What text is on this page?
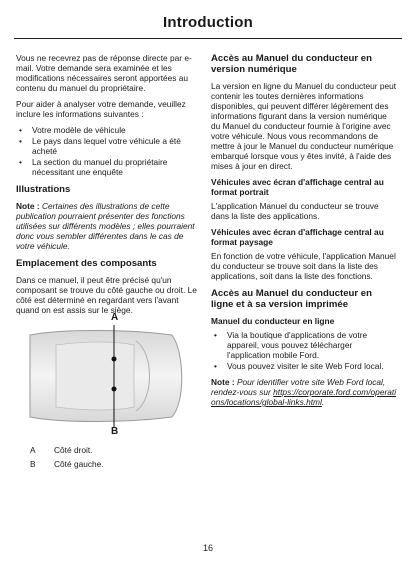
Introduction

Vous ne recevrez pas de réponse directe par e-mail. Votre demande sera examinée et les modifications nécessaires seront apportées au contenu du manuel du propriétaire.

Pour aider à analyser votre demande, veuillez inclure les informations suivantes :

• Votre modèle de véhicule
• Le pays dans lequel votre véhicule a été acheté
• La section du manuel du propriétaire nécessitant une enquête
Illustrations

Note : Certaines des illustrations de cette publication pourraient présenter des fonctions utilisées sur différents modèles ; elles pourraient donc vous sembler différentes dans le cas de votre véhicule.

Emplacement des composants

Dans ce manuel, il peut être précisé qu'un composant se trouve du côté gauche ou droit. Le côté est déterminé en regardant vers l'avant quand on est assis sur le siège.

A
B
A	Côté droit.
B	Côté gauche.
Accès au Manuel du conducteur en version numérique

La version en ligne du Manuel du conducteur peut contenir les toutes dernières informations disponibles, qui peuvent différer légèrement des informations figurant dans la version numérique du Manuel du conducteur fournie à l'origine avec votre véhicule. Nous vous recommandons de mettre à jour le Manuel du conducteur numérique embarqué lorsque vous y êtes invité, à l'aide des mises à jour en direct.

Véhicules avec écran d'affichage central au format portrait

L'application Manuel du conducteur se trouve dans la liste des applications.

Véhicules avec écran d'affichage central au format paysage

En fonction de votre véhicule, l'application Manuel du conducteur se trouve soit dans la liste des applications, soit dans la liste des fonctions.

Accès au Manuel du conducteur en ligne et à sa version imprimée
Manuel du conducteur en ligne
• Via la boutique d'applications de votre appareil, vous pouvez télécharger l'application mobile Ford.
• Vous pouvez visiter le site Web Ford local.

Note : Pour identifier votre site Web Ford local, rendez-vous sur https://corporate.ford.com/operations/locations/global-links.html.

16
